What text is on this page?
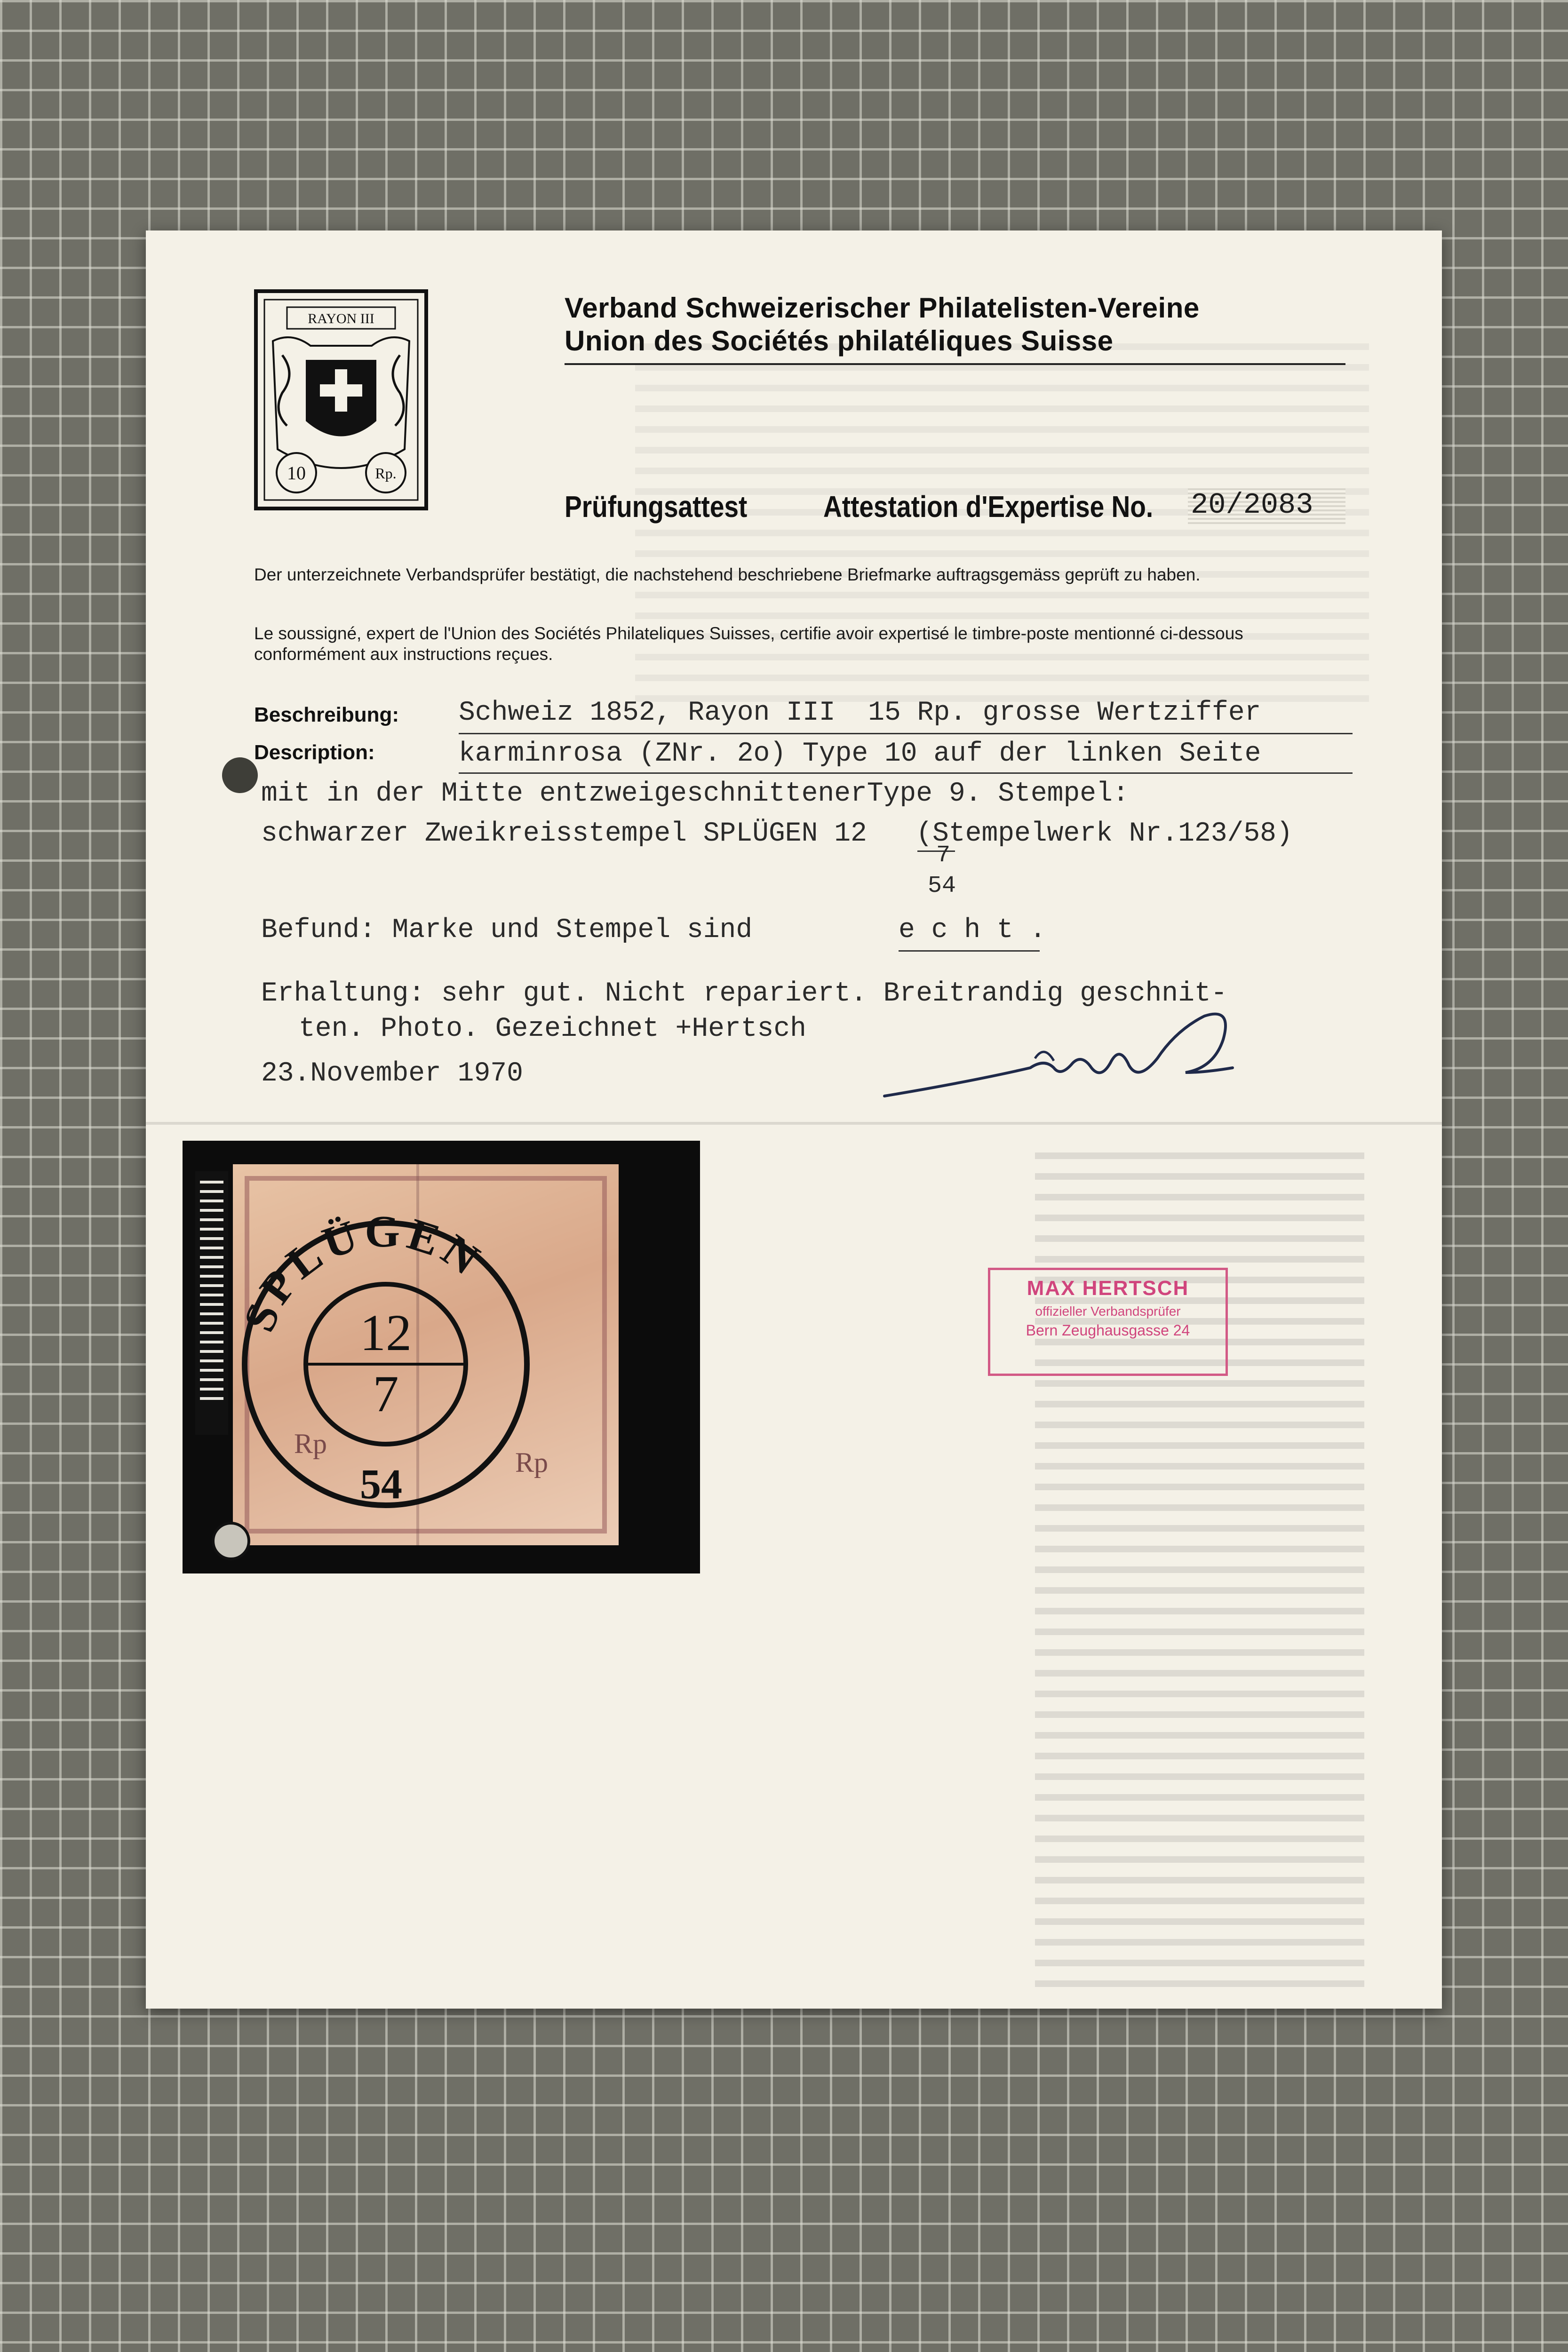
RAYON III
10	Rp.
Verband Schweizerischer Philatelisten-Vereine
Union des Sociétés philatéliques Suisse
Prüfungsattest	Attestation d'Expertise No. 20/2083
Der unterzeichnete Verbandsprüfer bestätigt, die nachstehend beschriebene Briefmarke auftragsgemäss geprüft zu haben.
Le soussigné, expert de l'Union des Sociétés Philateliques Suisses, certifie avoir expertisé le timbre-poste mentionné ci-dessous conformément aux instructions reçues.
Beschreibung:
Description:
Schweiz 1852, Rayon III  15 Rp. grosse Wertziffer
karminrosa (ZNr. 2o) Type 10 auf der linken Seite
mit in der Mitte entzweigeschnittenerType 9. Stempel:
schwarzer Zweikreisstempel SPLÜGEN 12   (Stempelwerk Nr.123/58)
7
54
Befund: Marke und Stempel sind	e c h t .
Erhaltung: sehr gut. Nicht repariert. Breitrandig geschnit-
ten. Photo. Gezeichnet +Hertsch
23.November 1970
Rp
Rp
SPLÜGEN
12
7
54
MAX HERTSCH
offizieller Verbandsprüfer
Bern Zeughausgasse 24
